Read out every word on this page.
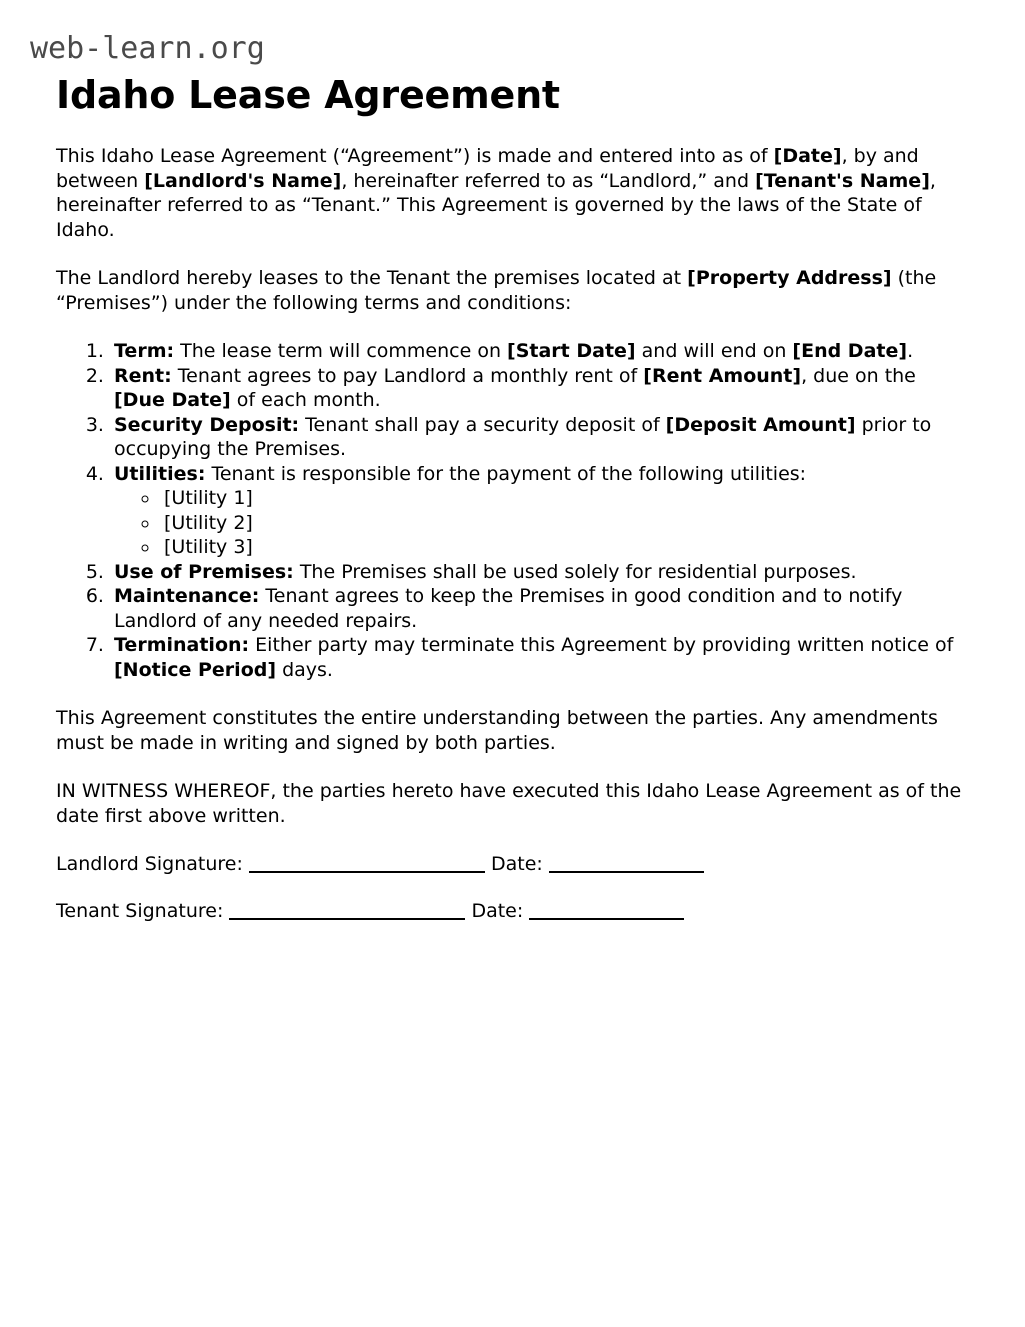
web-learn.org
Idaho Lease Agreement

This Idaho Lease Agreement (“Agreement”) is made and entered into as of [Date], by and between [Landlord's Name], hereinafter referred to as “Landlord,” and [Tenant's Name], hereinafter referred to as “Tenant.” This Agreement is governed by the laws of the State of Idaho.

The Landlord hereby leases to the Tenant the premises located at [Property Address] (the “Premises”) under the following terms and conditions:

1. Term: The lease term will commence on [Start Date] and will end on [End Date].
2. Rent: Tenant agrees to pay Landlord a monthly rent of [Rent Amount], due on the [Due Date] of each month.
3. Security Deposit: Tenant shall pay a security deposit of [Deposit Amount] prior to occupying the Premises.
4. Utilities: Tenant is responsible for the payment of the following utilities:
◦ [Utility 1]
◦ [Utility 2]
◦ [Utility 3]
5. Use of Premises: The Premises shall be used solely for residential purposes.
6. Maintenance: Tenant agrees to keep the Premises in good condition and to notify Landlord of any needed repairs.
7. Termination: Either party may terminate this Agreement by providing written notice of [Notice Period] days.

This Agreement constitutes the entire understanding between the parties. Any amendments must be made in writing and signed by both parties.

IN WITNESS WHEREOF, the parties hereto have executed this Idaho Lease Agreement as of the date first above written.

Landlord Signature:	Date:
Tenant Signature:	Date:
